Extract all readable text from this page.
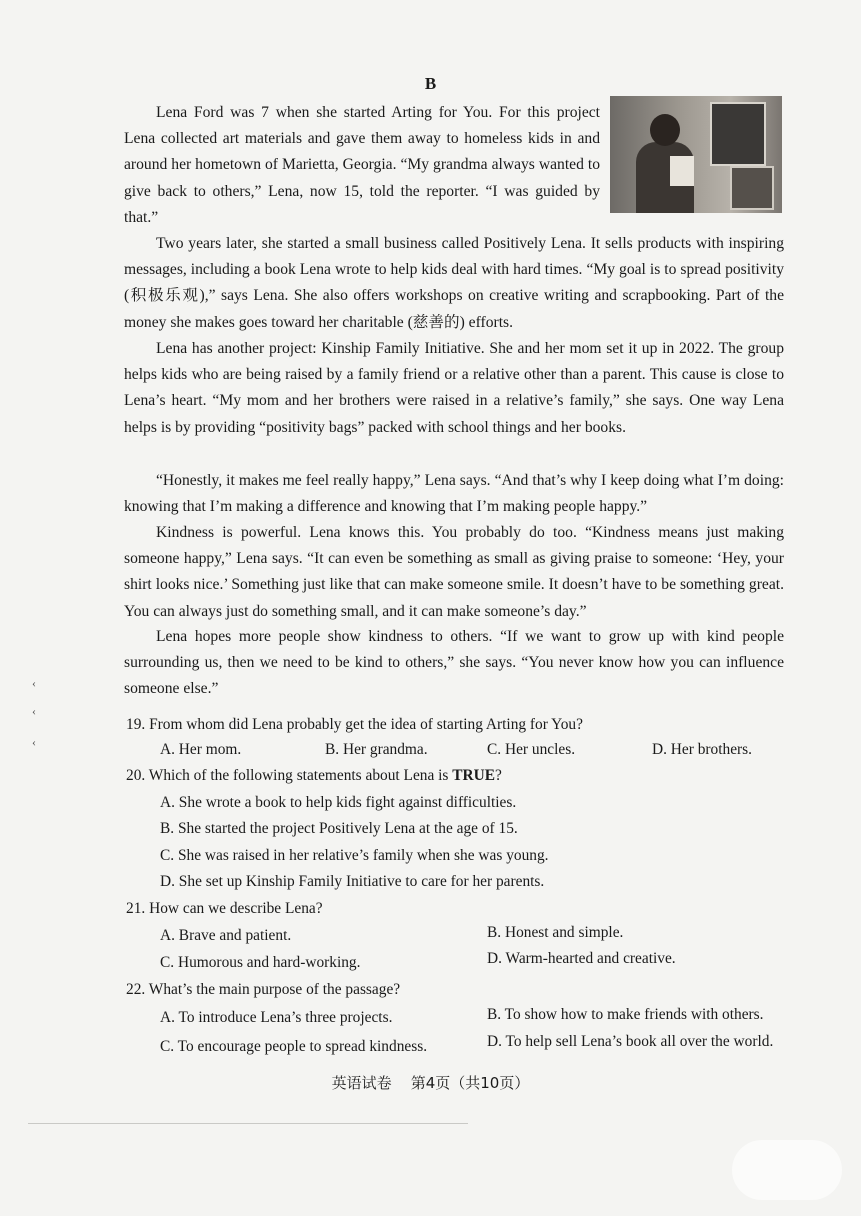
B

Lena Ford was 7 when she started Arting for You. For this project Lena collected art materials and gave them away to homeless kids in and around her hometown of Marietta, Georgia. “My grandma always wanted to give back to others,” Lena, now 15, told the reporter. “I was guided by that.”

Two years later, she started a small business called Positively Lena. It sells products with inspiring messages, including a book Lena wrote to help kids deal with hard times. “My goal is to spread positivity (积极乐观),” says Lena. She also offers workshops on creative writing and scrapbooking. Part of the money she makes goes toward her charitable (慈善的) efforts.

Lena has another project: Kinship Family Initiative. She and her mom set it up in 2022. The group helps kids who are being raised by a family friend or a relative other than a parent. This cause is close to Lena’s heart. “My mom and her brothers were raised in a relative’s family,” she says. One way Lena helps is by providing “positivity bags” packed with school things and her books.

“Honestly, it makes me feel really happy,” Lena says. “And that’s why I keep doing what I’m doing: knowing that I’m making a difference and knowing that I’m making people happy.”

Kindness is powerful. Lena knows this. You probably do too. “Kindness means just making someone happy,” Lena says. “It can even be something as small as giving praise to someone: ‘Hey, your shirt looks nice.’ Something just like that can make someone smile. It doesn’t have to be something great. You can always just do something small, and it can make someone’s day.”

Lena hopes more people show kindness to others. “If we want to grow up with kind people surrounding us, then we need to be kind to others,” she says. “You never know how you can influence someone else.”

19. From whom did Lena probably get the idea of starting Arting for You?
A. Her mom.	B. Her grandma.	C. Her uncles.	D. Her brothers.
20. Which of the following statements about Lena is TRUE?
A. She wrote a book to help kids fight against difficulties.
B. She started the project Positively Lena at the age of 15.
C. She was raised in her relative’s family when she was young.
D. She set up Kinship Family Initiative to care for her parents.
21. How can we describe Lena?
A. Brave and patient.	B. Honest and simple.
C. Humorous and hard-working.	D. Warm-hearted and creative.
22. What’s the main purpose of the passage?
A. To introduce Lena’s three projects.	B. To show how to make friends with others.
C. To encourage people to spread kindness.	D. To help sell Lena’s book all over the world.
英语试卷    第4页（共10页）
‹
‹
‹
